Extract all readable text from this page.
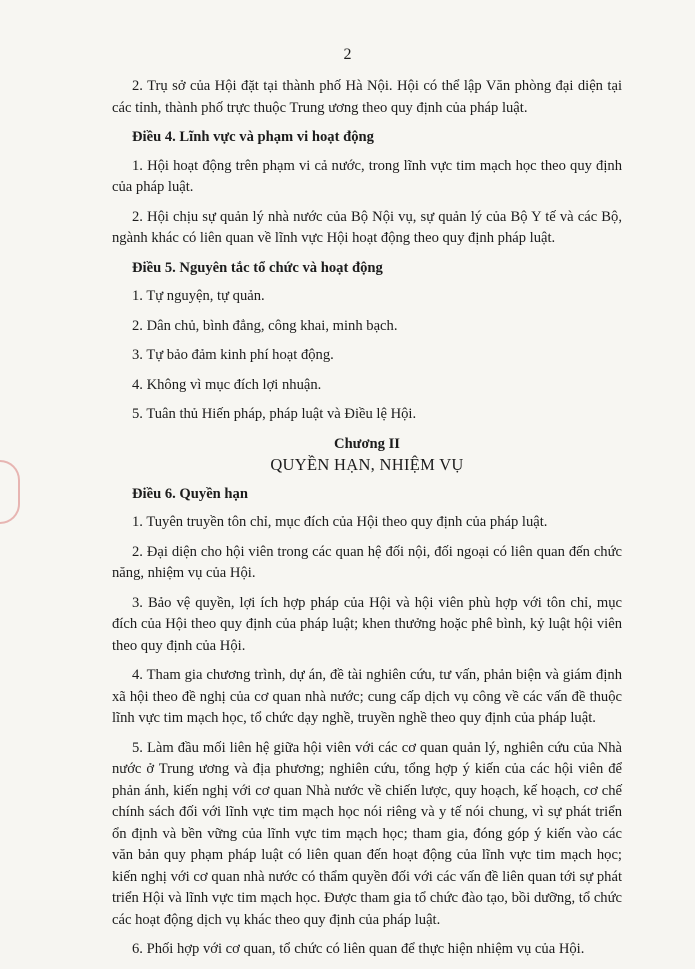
2

2. Trụ sở của Hội đặt tại thành phố Hà Nội. Hội có thể lập Văn phòng đại diện tại các tỉnh, thành phố trực thuộc Trung ương theo quy định của pháp luật.

Điều 4. Lĩnh vực và phạm vi hoạt động

1. Hội hoạt động trên phạm vi cả nước, trong lĩnh vực tim mạch học theo quy định của pháp luật.

2. Hội chịu sự quản lý nhà nước của Bộ Nội vụ, sự quản lý của Bộ Y tế và các Bộ, ngành khác có liên quan về lĩnh vực Hội hoạt động theo quy định pháp luật.

Điều 5. Nguyên tắc tổ chức và hoạt động

1. Tự nguyện, tự quản.

2. Dân chủ, bình đẳng, công khai, minh bạch.

3. Tự bảo đảm kinh phí hoạt động.

4. Không vì mục đích lợi nhuận.

5. Tuân thủ Hiến pháp, pháp luật và Điều lệ Hội.

Chương II

QUYỀN HẠN, NHIỆM VỤ

Điều 6. Quyền hạn

1. Tuyên truyền tôn chỉ, mục đích của Hội theo quy định của pháp luật.

2. Đại diện cho hội viên trong các quan hệ đối nội, đối ngoại có liên quan đến chức năng, nhiệm vụ của Hội.

3. Bảo vệ quyền, lợi ích hợp pháp của Hội và hội viên phù hợp với tôn chỉ, mục đích của Hội theo quy định của pháp luật; khen thưởng hoặc phê bình, kỷ luật hội viên theo quy định của Hội.

4. Tham gia chương trình, dự án, đề tài nghiên cứu, tư vấn, phản biện và giám định xã hội theo đề nghị của cơ quan nhà nước; cung cấp dịch vụ công về các vấn đề thuộc lĩnh vực tim mạch học, tổ chức dạy nghề, truyền nghề theo quy định của pháp luật.

5. Làm đầu mối liên hệ giữa hội viên với các cơ quan quản lý, nghiên cứu của Nhà nước ở Trung ương và địa phương; nghiên cứu, tổng hợp ý kiến của các hội viên để phản ánh, kiến nghị với cơ quan Nhà nước về chiến lược, quy hoạch, kế hoạch, cơ chế chính sách đối với lĩnh vực tim mạch học nói riêng và y tế nói chung, vì sự phát triển ổn định và bền vững của lĩnh vực tim mạch học; tham gia, đóng góp ý kiến vào các văn bản quy phạm pháp luật có liên quan đến hoạt động của lĩnh vực tim mạch học; kiến nghị với cơ quan nhà nước có thẩm quyền đối với các vấn đề liên quan tới sự phát triển Hội và lĩnh vực tim mạch học. Được tham gia tổ chức đào tạo, bồi dưỡng, tổ chức các hoạt động dịch vụ khác theo quy định của pháp luật.

6. Phối hợp với cơ quan, tổ chức có liên quan để thực hiện nhiệm vụ của Hội.
